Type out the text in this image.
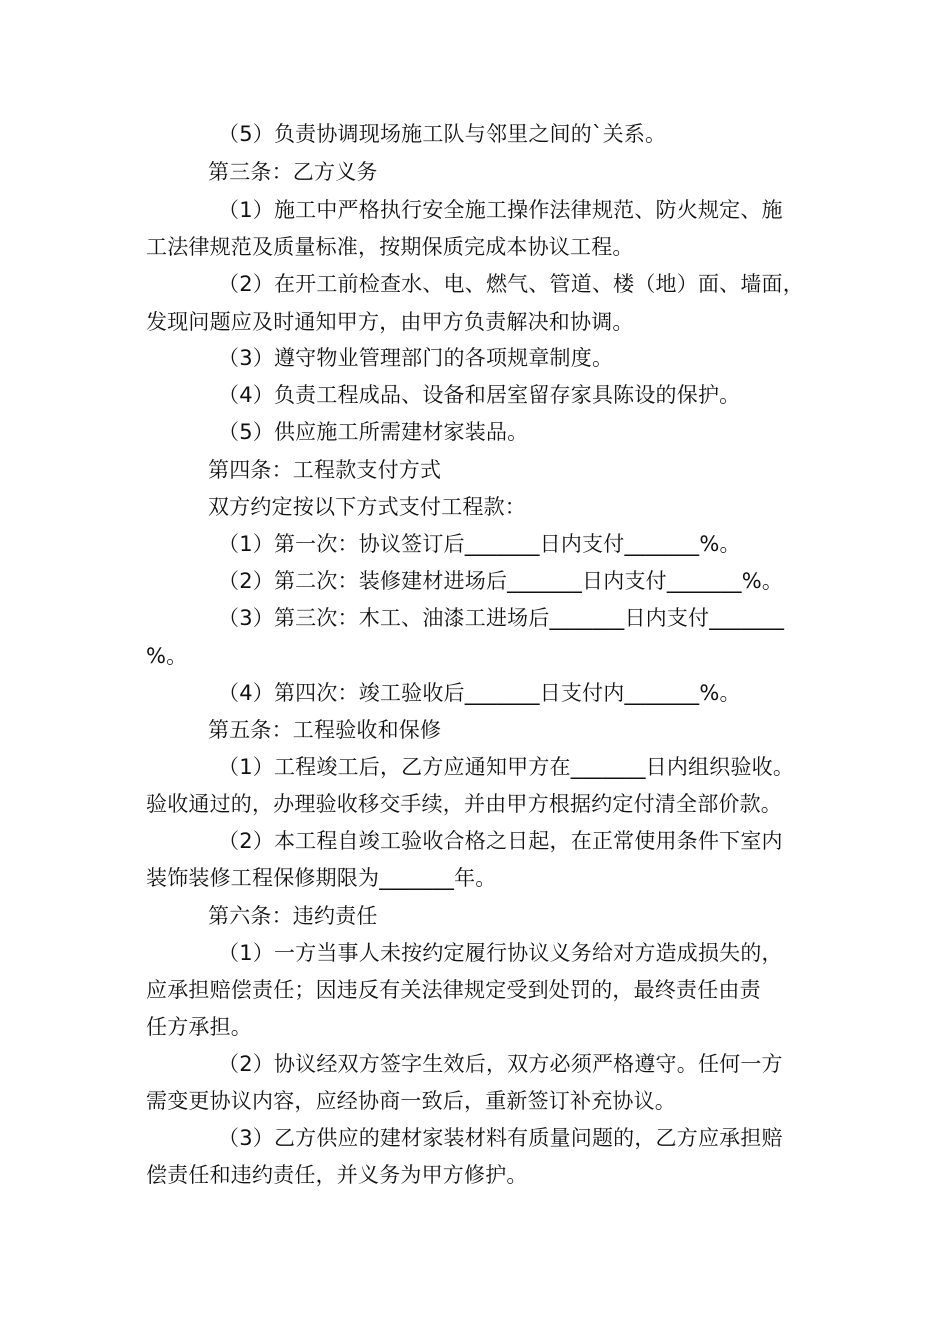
（5）负责协调现场施工队与邻里之间的`关系。
第三条：乙方义务
（1）施工中严格执行安全施工操作法律规范、防火规定、施
工法律规范及质量标准，按期保质完成本协议工程。
（2）在开工前检查水、电、燃气、管道、楼（地）面、墙面，
发现问题应及时通知甲方，由甲方负责解决和协调。
（3）遵守物业管理部门的各项规章制度。
（4）负责工程成品、设备和居室留存家具陈设的保护。
（5）供应施工所需建材家装品。
第四条：工程款支付方式
双方约定按以下方式支付工程款：
（1）第一次：协议签订后_______日内支付_______%。
（2）第二次：装修建材进场后_______日内支付_______%。
（3）第三次：木工、油漆工进场后_______日内支付_______
%。
（4）第四次：竣工验收后_______日支付内_______%。
第五条：工程验收和保修
（1）工程竣工后，乙方应通知甲方在_______日内组织验收。
验收通过的，办理验收移交手续，并由甲方根据约定付清全部价款。
（2）本工程自竣工验收合格之日起，在正常使用条件下室内
装饰装修工程保修期限为_______年。
第六条：违约责任
（1）一方当事人未按约定履行协议义务给对方造成损失的，
应承担赔偿责任；因违反有关法律规定受到处罚的，最终责任由责
任方承担。
（2）协议经双方签字生效后，双方必须严格遵守。任何一方
需变更协议内容，应经协商一致后，重新签订补充协议。
（3）乙方供应的建材家装材料有质量问题的，乙方应承担赔
偿责任和违约责任，并义务为甲方修护。
